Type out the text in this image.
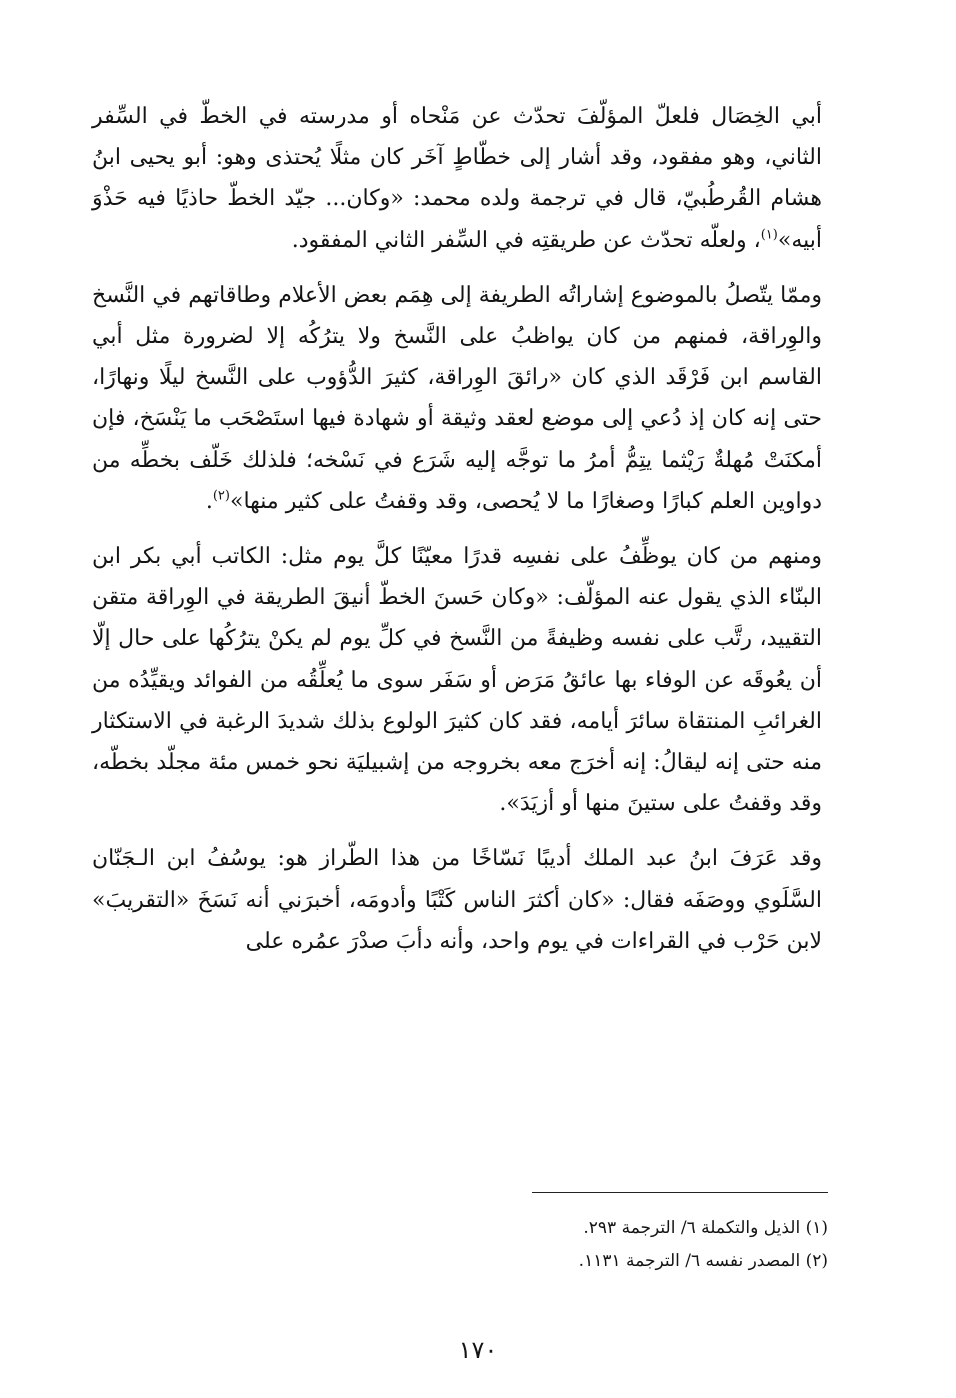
أبي الخِصَال فلعلّ المؤلّفَ تحدّث عن مَنْحاه أو مدرسته في الخطّ في السِّفر الثاني، وهو مفقود، وقد أشار إلى خطّاطٍ آخَر كان مثلًا يُحتذى وهو: أبو يحيى ابنُ هشام القُرطُبيّ، قال في ترجمة ولده محمد: «وكان... جيّد الخطّ حاذيًا فيه حَذْوَ أبيه»$^{(١)}$، ولعلّه تحدّث عن طريقتِه في السِّفر الثاني المفقود.

وممّا يتّصلُ بالموضوع إشاراتُه الطريفة إلى هِمَم بعض الأعلام وطاقاتهم في النَّسخ والوِراقة، فمنهم من كان يواظبُ على النَّسخ ولا يترُكُه إلا لضرورة مثل أبي القاسم ابن فَرْقَد الذي كان «رائقَ الوِراقة، كثيرَ الدُّؤوب على النَّسخ ليلًا ونهارًا، حتى إنه كان إذ دُعي إلى موضع لعقد وثيقة أو شهادة فيها استَصْحَب ما يَنْسَخ، فإن أمكنَتْ مُهلةٌ رَيْثما يتِمُّ أمرُ ما توجَّه إليه شَرَع في نَسْخه؛ فلذلك خَلّف بخطِّه من دواوين العلم كبارًا وصغارًا ما لا يُحصى، وقد وقفتُ على كثير منها»$^{(٢)}$.

ومنهم من كان يوظِّفُ على نفسِه قدرًا معيّنًا كلَّ يوم مثل: الكاتب أبي بكر ابن البنّاء الذي يقول عنه المؤلّف: «وكان حَسنَ الخطّ أنيقَ الطريقة في الوِراقة متقن التقييد، رتَّب على نفسه وظيفةً من النَّسخ في كلِّ يوم لم يكنْ يترُكُها على حال إلّا أن يعُوقَه عن الوفاء بها عائقُ مَرَض أو سَفَر سوى ما يُعلِّقُه من الفوائد ويقيِّدُه من الغرائبِ المنتقاة سائرَ أيامه، فقد كان كثيرَ الولوع بذلك شديدَ الرغبة في الاستكثار منه حتى إنه ليقالُ: إنه أخرَج معه بخروجه من إشبيليَة نحو خمس مئة مجلّد بخطّه، وقد وقفتُ على ستينَ منها أو أزيَدَ».

وقد عَرَفَ ابنُ عبد الملك أديبًا نَسّاخًا من هذا الطّراز هو: يوسُفُ ابن الـجَنّان السَّلَوي ووصَفَه فقال: «كان أكثرَ الناس كَتْبًا وأدومَه، أخبرَني أنه نَسَخَ «التقريبَ» لابن حَرْب في القراءات في يوم واحد، وأنه دأبَ صدْرَ عمُره على

(١) الذيل والتكملة ٦/ الترجمة ٢٩٣.

(٢) المصدر نفسه ٦/ الترجمة ١١٣١.

١٧٠
